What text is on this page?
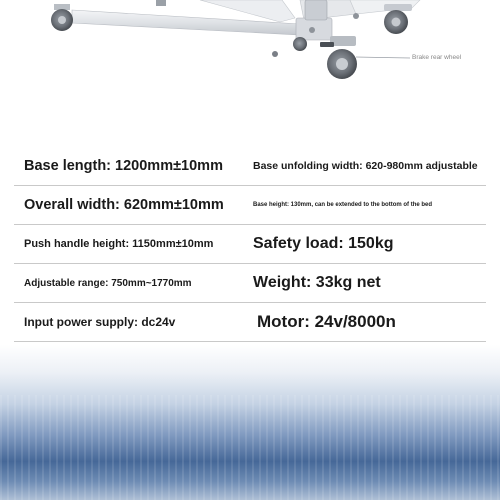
Brake rear wheel
Base length: 1200mm±10mm	Base unfolding width: 620-980mm adjustable
Overall width: 620mm±10mm	Base height: 130mm, can be extended to the bottom of the bed
Push handle height: 1150mm±10mm Safety load: 150kg
Adjustable range: 750mm~1770mm	Weight: 33kg net
Input power supply: dc24v	Motor: 24v/8000n
